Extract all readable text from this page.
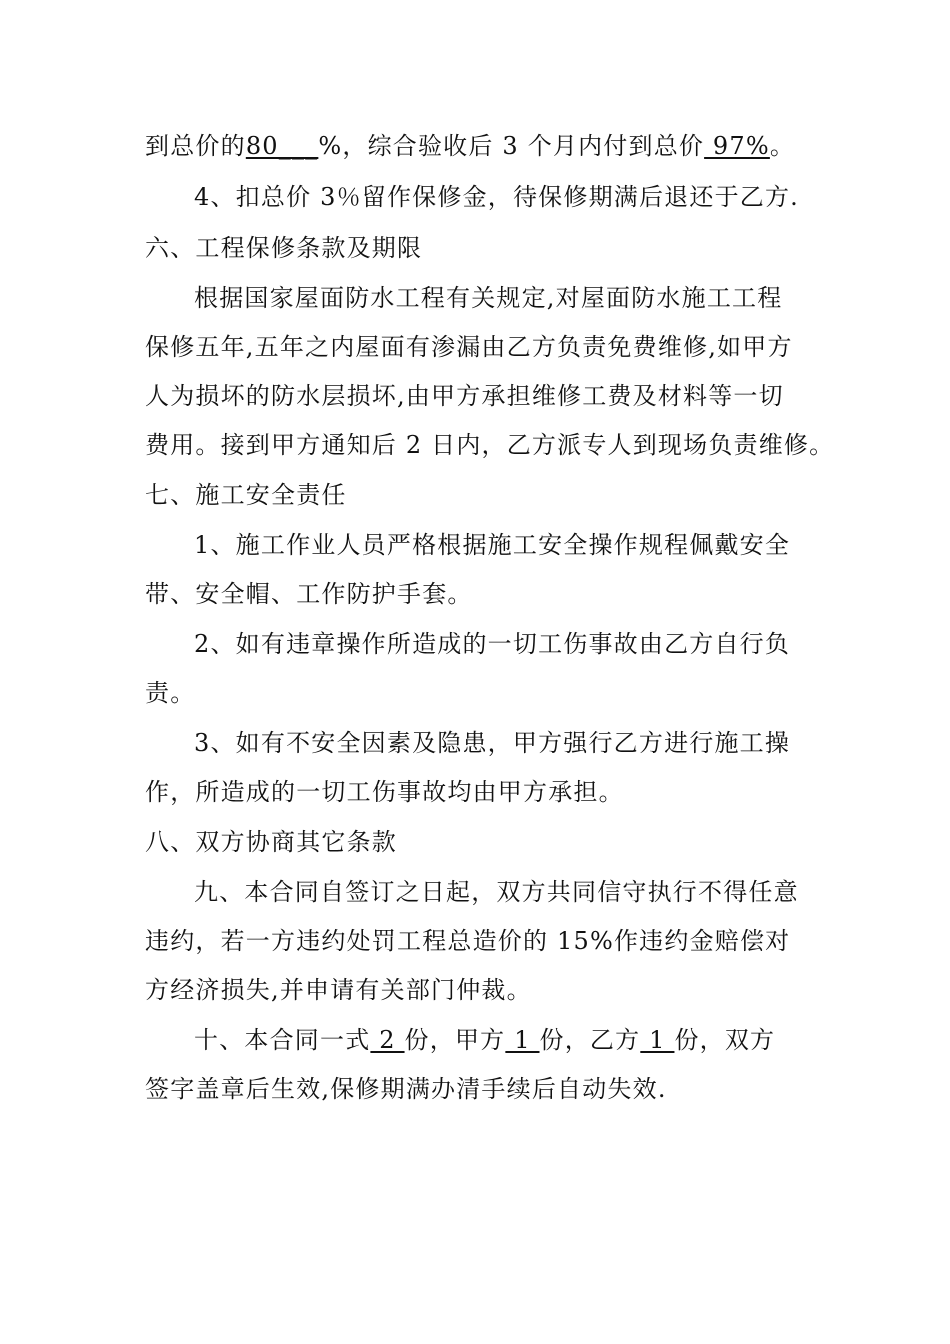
到总价的80___%，综合验收后 3 个月内付到总价 97%。
4、扣总价 3％留作保修金，待保修期满后退还于乙方.
六、工程保修条款及期限
根据国家屋面防水工程有关规定,对屋面防水施工工程
保修五年,五年之内屋面有渗漏由乙方负责免费维修,如甲方
人为损坏的防水层损坏,由甲方承担维修工费及材料等一切
费用。接到甲方通知后 2 日内，乙方派专人到现场负责维修。
七、施工安全责任
1、施工作业人员严格根据施工安全操作规程佩戴安全
带、安全帽、工作防护手套。
2、如有违章操作所造成的一切工伤事故由乙方自行负
责。
3、如有不安全因素及隐患，甲方强行乙方进行施工操
作，所造成的一切工伤事故均由甲方承担。
八、双方协商其它条款
九、本合同自签订之日起，双方共同信守执行不得任意
违约，若一方违约处罚工程总造价的 15%作违约金赔偿对
方经济损失,并申请有关部门仲裁。
十、本合同一式 2 份，甲方 1 份，乙方 1 份，双方
签字盖章后生效,保修期满办清手续后自动失效.
